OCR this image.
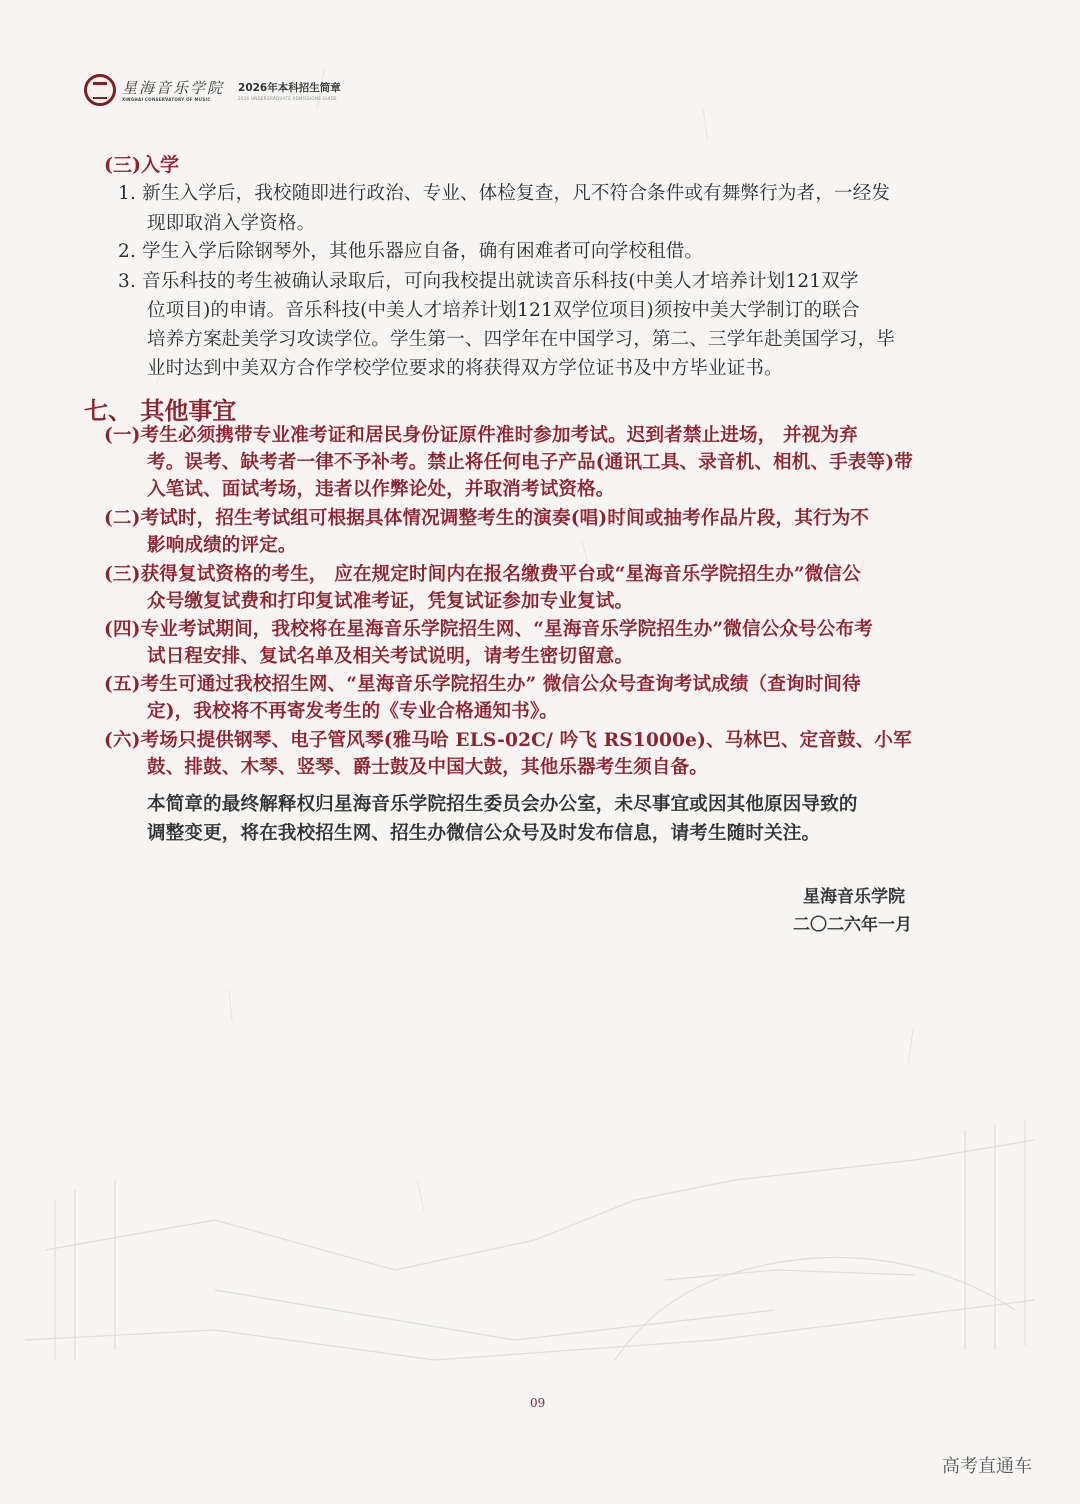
星海音乐学院
XINGHAI CONSERVATORY OF MUSIC
2026年本科招生简章
2026 UNDERGRADUATE ADMISSIONS GUIDE
(三)入学
1. 新生入学后，我校随即进行政治、专业、体检复查，凡不符合条件或有舞弊行为者，一经发
现即取消入学资格。
2. 学生入学后除钢琴外，其他乐器应自备，确有困难者可向学校租借。
3. 音乐科技的考生被确认录取后，可向我校提出就读音乐科技(中美人才培养计划121双学
位项目)的申请。音乐科技(中美人才培养计划121双学位项目)须按中美大学制订的联合
培养方案赴美学习攻读学位。学生第一、四学年在中国学习，第二、三学年赴美国学习，毕
业时达到中美双方合作学校学位要求的将获得双方学位证书及中方毕业证书。
七、 其他事宜
(一)考生必须携带专业准考证和居民身份证原件准时参加考试。迟到者禁止进场， 并视为弃
考。误考、缺考者一律不予补考。禁止将任何电子产品(通讯工具、录音机、相机、手表等)带
入笔试、面试考场，违者以作弊论处，并取消考试资格。
(二)考试时，招生考试组可根据具体情况调整考生的演奏(唱)时间或抽考作品片段，其行为不
影响成绩的评定。
(三)获得复试资格的考生， 应在规定时间内在报名缴费平台或“星海音乐学院招生办”微信公
众号缴复试费和打印复试准考证，凭复试证参加专业复试。
(四)专业考试期间，我校将在星海音乐学院招生网、“星海音乐学院招生办”微信公众号公布考
试日程安排、复试名单及相关考试说明，请考生密切留意。
(五)考生可通过我校招生网、“星海音乐学院招生办” 微信公众号查询考试成绩（查询时间待
定)，我校将不再寄发考生的《专业合格通知书》。
(六)考场只提供钢琴、电子管风琴(雅马哈 ELS-02C/ 吟飞 RS1000e)、马林巴、定音鼓、小军
鼓、排鼓、木琴、竖琴、爵士鼓及中国大鼓，其他乐器考生须自备。
本简章的最终解释权归星海音乐学院招生委员会办公室，未尽事宜或因其他原因导致的
调整变更，将在我校招生网、招生办微信公众号及时发布信息，请考生随时关注。
星海音乐学院
二〇二六年一月
09
高考直通车
